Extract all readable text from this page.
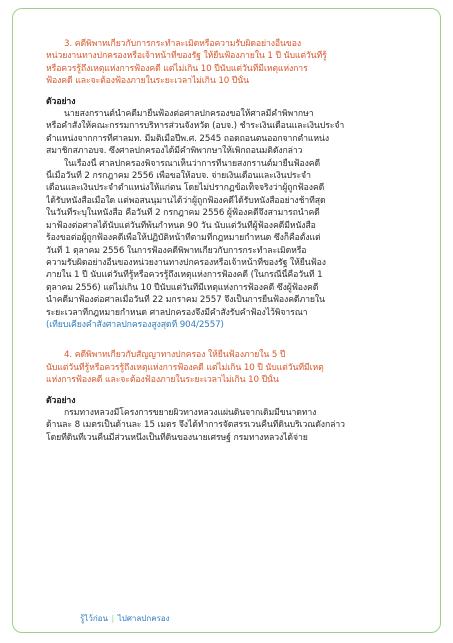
3. คดีพิพาทเกี่ยวกับการกระทำละเมิดหรือความรับผิดอย่างอื่นของ
หน่วยงานทางปกครองหรือเจ้าหน้าที่ของรัฐ ให้ยื่นฟ้องภายใน 1 ปี นับแต่วันที่รู้
หรือควรรู้ถึงเหตุแห่งการฟ้องคดี แต่ไม่เกิน 10 ปีนับแต่วันที่มีเหตุแห่งการ
ฟ้องคดี และจะต้องฟ้องภายในระยะเวลาไม่เกิน 10 ปีนั้น
ตัวอย่าง
นายสงกรานต์นำคดีมายื่นฟ้องต่อศาลปกครองขอให้ศาลมีคำพิพากษา
หรือคำสั่งให้คณะกรรมการบริหารส่วนจังหวัด (อบจ.) ชำระเงินเดือนและเงินประจำ
ตำแหน่งจากการที่ศาลมท. มีมติเมื่อปีพ.ศ. 2545 ถอดถอนตนออกจากตำแหน่ง
สมาชิกสภาอบจ. ซึ่งศาลปกครองได้มีคำพิพากษาให้เพิกถอนมติดังกล่าว
ในเรื่องนี้ ศาลปกครองพิจารณาเห็นว่าการที่นายสงกรานต์มายื่นฟ้องคดี
นี้เมื่อวันที่ 2 กรกฎาคม 2556 เพื่อขอให้อบจ. จ่ายเงินเดือนและเงินประจำ
เดือนและเงินประจำตำแหน่งให้แก่ตน โดยไม่ปรากฏข้อเท็จจริงว่าผู้ถูกฟ้องคดี
ได้รับหนังสือเมื่อใด แต่พอสนนุมานได้ว่าผู้ถูกฟ้องคดีได้รับหนังสืออย่างช้าที่สุด
ในวันที่ระบุในหนังสือ คือวันที่ 2 กรกฎาคม 2556 ผู้ฟ้องคดีจึงสามารถนำคดี
มาฟ้องต่อศาลได้นับแต่วันที่พ้นกำหนด 90 วัน นับแต่วันที่ผู้ฟ้องคดีมีหนังสือ
ร้องขอต่อผู้ถูกฟ้องคดีเพื่อให้ปฏิบัติหน้าที่ตามที่กฎหมายกำหนด ซึ่งก็คือตั้งแต่
วันที่ 1 ตุลาคม 2556 ในการฟ้องคดีพิพาทเกี่ยวกับการกระทำละเมิดหรือ
ความรับผิดอย่างอื่นของหน่วยงานทางปกครองหรือเจ้าหน้าที่ของรัฐ ให้ยื่นฟ้อง
ภายใน 1 ปี นับแต่วันที่รู้หรือควรรู้ถึงเหตุแห่งการฟ้องคดี (ในกรณีนี้คือวันที่ 1
ตุลาคม 2556) แต่ไม่เกิน 10 ปีนับแต่วันที่มีเหตุแห่งการฟ้องคดี ซึ่งผู้ฟ้องคดี
นำคดีมาฟ้องต่อศาลเมื่อวันที่ 22 มกราคม 2557 จึงเป็นการยื่นฟ้องคดีภายใน
ระยะเวลาที่กฎหมายกำหนด ศาลปกครองจึงมีคำสั่งรับคำฟ้องไว้พิจารณา
(เทียบเคียงคำสั่งศาลปกครองสูงสุดที่ 904/2557)
4. คดีพิพาทเกี่ยวกับสัญญาทางปกครอง ให้ยื่นฟ้องภายใน 5 ปี
นับแต่วันที่รู้หรือควรรู้ถึงเหตุแห่งการฟ้องคดี แต่ไม่เกิน 10 ปี นับแต่วันที่มีเหตุ
แห่งการฟ้องคดี และจะต้องฟ้องภายในระยะเวลาไม่เกิน 10 ปีนั้น
ตัวอย่าง
กรมทางหลวงมีโครงการขยายผิวทางหลวงแผ่นดินจากเดิมมีขนาดทาง
ด้านละ 8 เมตรเป็นด้านละ 15 เมตร จึงได้ทำการจัดสรรเวนคืนที่ดินบริเวณดังกล่าว
โดยที่ดินที่เวนคืนมีส่วนหนึ่งเป็นที่ดินของนายเศรษฐ์ กรมทางหลวงได้จ่าย
รู้ไว้ก่อน | ไปศาลปกครอง
